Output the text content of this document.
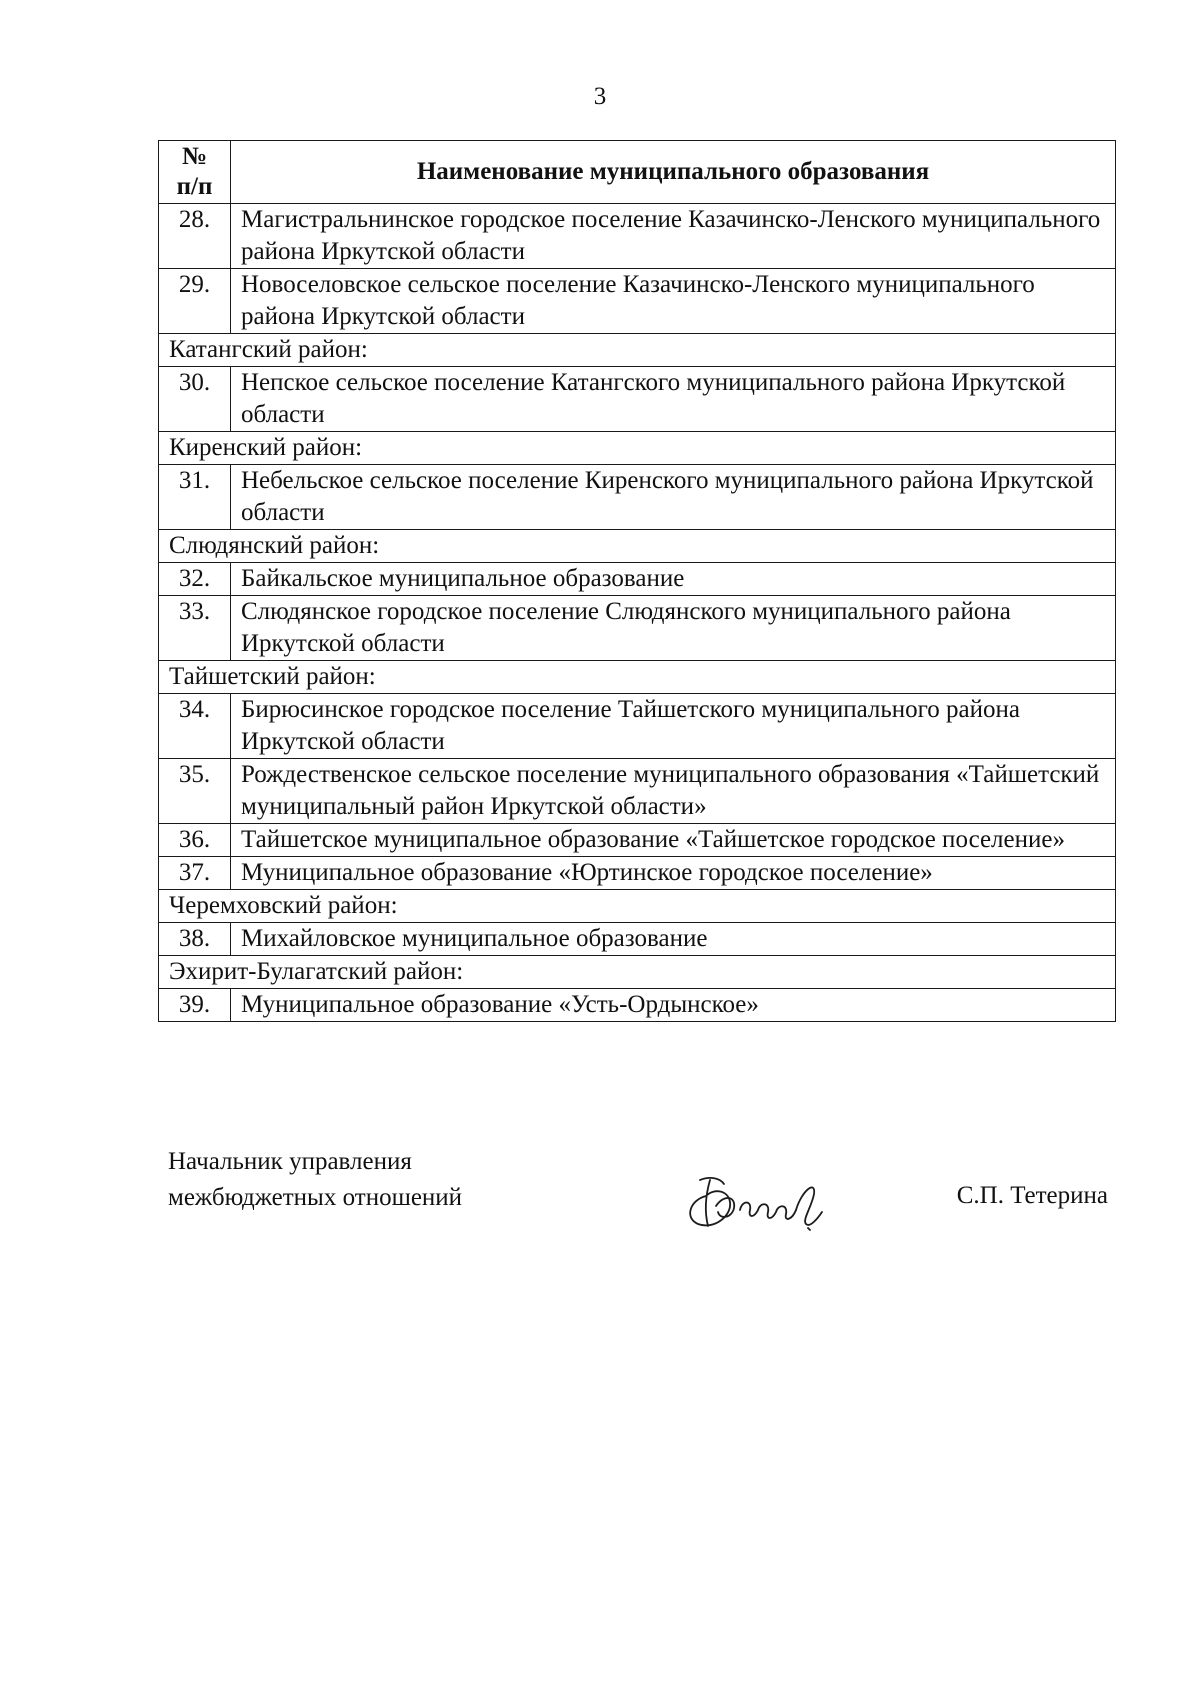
3
№
п/п	Наименование муниципального образования
28.	Магистральнинское городское поселение Казачинско-Ленского муниципального района Иркутской области
29.	Новоселовское сельское поселение Казачинско-Ленского муниципального района Иркутской области
Катангский район:	
30.	Непское сельское поселение Катангского муниципального района Иркутской области
Киренский район:	
31.	Небельское сельское поселение Киренского муниципального района Иркутской области
Слюдянский район:	
32.	Байкальское муниципальное образование
33.	Слюдянское городское поселение Слюдянского муниципального района Иркутской области
Тайшетский район:	
34.	Бирюсинское городское поселение Тайшетского муниципального района Иркутской области
35.	Рождественское сельское поселение муниципального образования «Тайшетский муниципальный район Иркутской области»
36.	Тайшетское муниципальное образование «Тайшетское городское поселение»
37.	Муниципальное образование «Юртинское городское поселение»
Черемховский район:	
38.	Михайловское муниципальное образование
Эхирит-Булагатский район:	
39.	Муниципальное образование «Усть-Ордынское»
Начальник управления
межбюджетных отношений	С.П. Тетерина
